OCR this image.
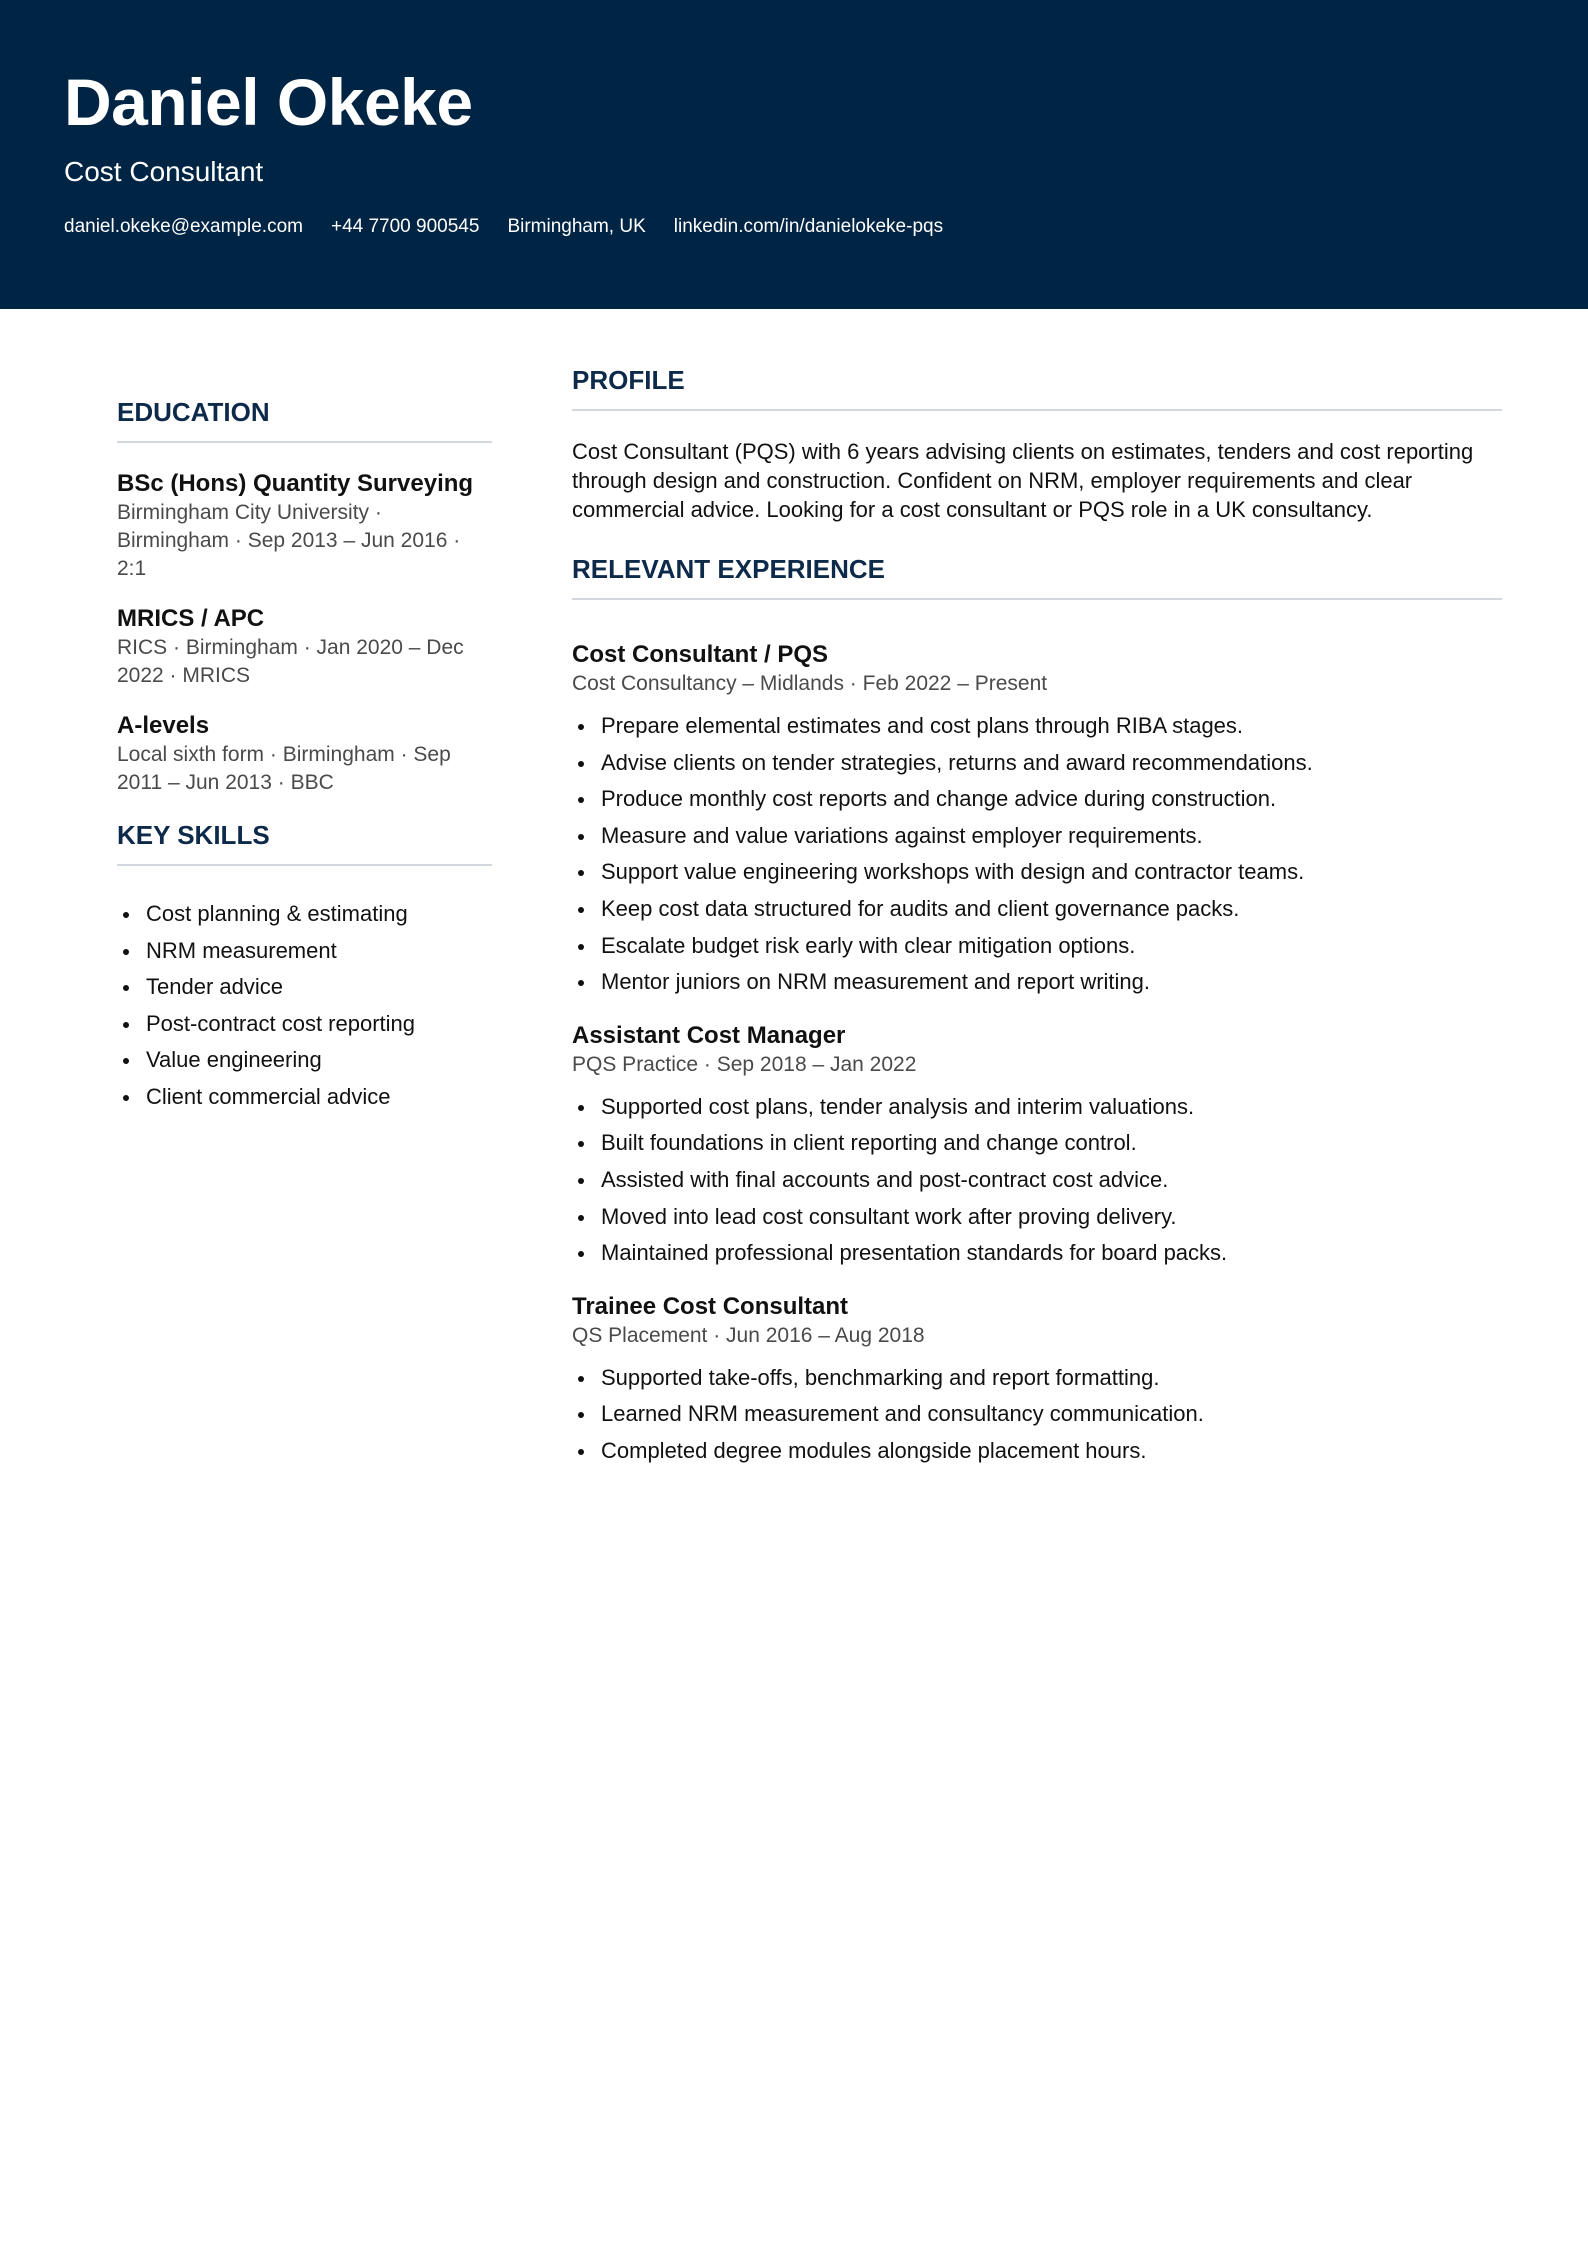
Daniel Okeke
Cost Consultant
daniel.okeke@example.com +44 7700 900545 Birmingham, UK linkedin.com/in/danielokeke-pqs
EDUCATION
BSc (Hons) Quantity Surveying
Birmingham City University · Birmingham · Sep 2013 – Jun 2016 · 2:1
MRICS / APC
RICS · Birmingham · Jan 2020 – Dec 2022 · MRICS
A-levels
Local sixth form · Birmingham · Sep 2011 – Jun 2013 · BBC
KEY SKILLS
Cost planning & estimating
NRM measurement
Tender advice
Post-contract cost reporting
Value engineering
Client commercial advice
PROFILE

Cost Consultant (PQS) with 6 years advising clients on estimates, tenders and cost reporting through design and construction. Confident on NRM, employer requirements and clear commercial advice. Looking for a cost consultant or PQS role in a UK consultancy.

RELEVANT EXPERIENCE
Cost Consultant / PQS
Cost Consultancy – Midlands · Feb 2022 – Present
Prepare elemental estimates and cost plans through RIBA stages.
Advise clients on tender strategies, returns and award recommendations.
Produce monthly cost reports and change advice during construction.
Measure and value variations against employer requirements.
Support value engineering workshops with design and contractor teams.
Keep cost data structured for audits and client governance packs.
Escalate budget risk early with clear mitigation options.
Mentor juniors on NRM measurement and report writing.
Assistant Cost Manager
PQS Practice · Sep 2018 – Jan 2022
Supported cost plans, tender analysis and interim valuations.
Built foundations in client reporting and change control.
Assisted with final accounts and post-contract cost advice.
Moved into lead cost consultant work after proving delivery.
Maintained professional presentation standards for board packs.
Trainee Cost Consultant
QS Placement · Jun 2016 – Aug 2018
Supported take-offs, benchmarking and report formatting.
Learned NRM measurement and consultancy communication.
Completed degree modules alongside placement hours.
